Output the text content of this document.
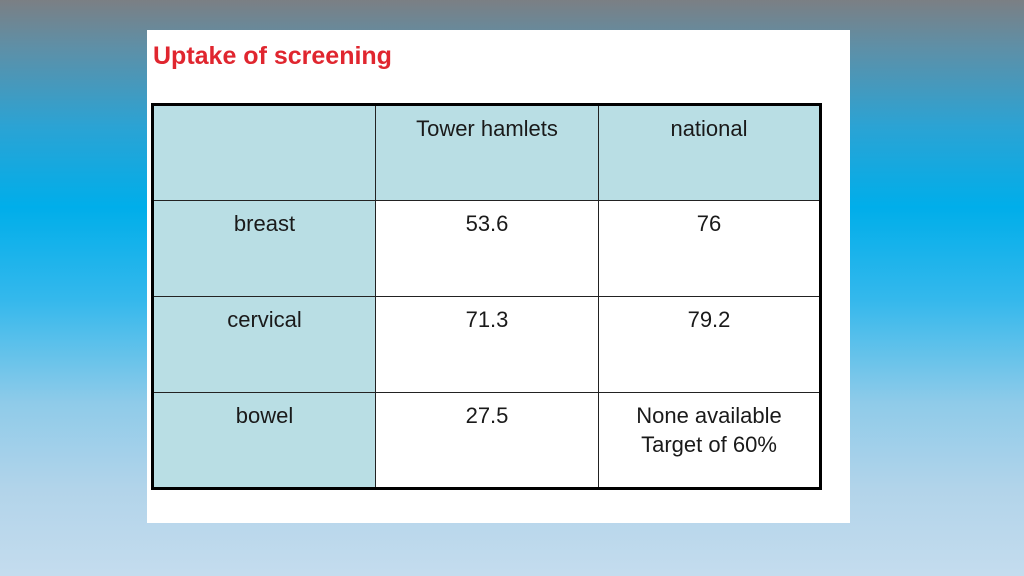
Uptake of screening
	Tower hamlets	national
breast	53.6	76
cervical	71.3	79.2
bowel	27.5	None available
Target of 60%
